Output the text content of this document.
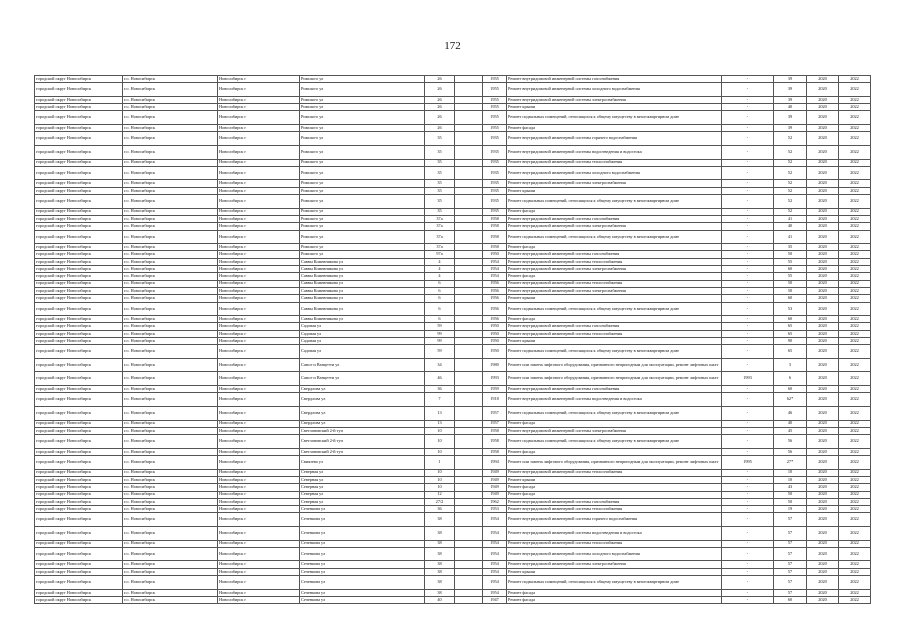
172
городской округ Новосибирск	г.о. Новосибирск	Новосибирск г	Римского ул	26		1955	Ремонт внутридомовой инженерной системы газоснабжения	-	39	2020	2022
городской округ Новосибирск	г.о. Новосибирск	Новосибирск г	Римского ул	26		1955	Ремонт внутридомовой инженерной системы холодного водоснабжения	-	39	2020	2022
городской округ Новосибирск	г.о. Новосибирск	Новосибирск г	Римского ул	26		1955	Ремонт внутридомовой инженерной системы электроснабжения	-	39	2020	2022
городской округ Новосибирск	г.о. Новосибирск	Новосибирск г	Римского ул	26		1955	Ремонт крыши	-	40	2020	2022
городской округ Новосибирск	г.о. Новосибирск	Новосибирск г	Римского ул	26		1955	Ремонт подвальных помещений, относящихся к общему имуществу в многоквартирном доме	-	39	2020	2022
городской округ Новосибирск	г.о. Новосибирск	Новосибирск г	Римского ул	26		1955	Ремонт фасада	-	39	2020	2022
городской округ Новосибирск	г.о. Новосибирск	Новосибирск г	Римского ул	35		1935	Ремонт внутридомовой инженерной системы горячего водоснабжения	-	52	2020	2022
городской округ Новосибирск	г.о. Новосибирск	Новосибирск г	Римского ул	35		1935	Ремонт внутридомовой инженерной системы водоотведения и водостока	-	52	2020	2022
городской округ Новосибирск	г.о. Новосибирск	Новосибирск г	Римского ул	35		1935	Ремонт внутридомовой инженерной системы теплоснабжения	-	52	2020	2022
городской округ Новосибирск	г.о. Новосибирск	Новосибирск г	Римского ул	35		1935	Ремонт внутридомовой инженерной системы холодного водоснабжения	-	52	2020	2022
городской округ Новосибирск	г.о. Новосибирск	Новосибирск г	Римского ул	35		1935	Ремонт внутридомовой инженерной системы электроснабжения	-	52	2020	2022
городской округ Новосибирск	г.о. Новосибирск	Новосибирск г	Римского ул	35		1935	Ремонт крыши	-	52	2020	2022
городской округ Новосибирск	г.о. Новосибирск	Новосибирск г	Римского ул	35		1935	Ремонт подвальных помещений, относящихся к общему имуществу в многоквартирном доме	-	52	2020	2022
городской округ Новосибирск	г.о. Новосибирск	Новосибирск г	Римского ул	35		1935	Ремонт фасада	-	52	2020	2022
городской округ Новосибирск	г.о. Новосибирск	Новосибирск г	Римского ул	37а		1958	Ремонт внутридомовой инженерной системы газоснабжения	-	41	2020	2022
городской округ Новосибирск	г.о. Новосибирск	Новосибирск г	Римского ул	37а		1958	Ремонт внутридомовой инженерной системы электроснабжения	-	40	2020	2022
городской округ Новосибирск	г.о. Новосибирск	Новосибирск г	Римского ул	37а		1958	Ремонт подвальных помещений, относящихся к общему имуществу в многоквартирном доме	-	41	2020	2022
городской округ Новосибирск	г.о. Новосибирск	Новосибирск г	Римского ул	37а		1958	Ремонт фасада	-	35	2020	2022
городской округ Новосибирск	г.о. Новосибирск	Новосибирск г	Римского ул	97а		1950	Ремонт внутридомовой инженерной системы газоснабжения	-	50	2020	2022
городской округ Новосибирск	г.о. Новосибирск	Новосибирск г	Саввы Кожевникова ул	4		1954	Ремонт внутридомовой инженерной системы теплоснабжения	-	55	2020	2022
городской округ Новосибирск	г.о. Новосибирск	Новосибирск г	Саввы Кожевникова ул	4		1954	Ремонт внутридомовой инженерной системы электроснабжения	-	60	2020	2022
городской округ Новосибирск	г.о. Новосибирск	Новосибирск г	Саввы Кожевникова ул	4		1954	Ремонт фасада	-	55	2020	2022
городской округ Новосибирск	г.о. Новосибирск	Новосибирск г	Саввы Кожевникова ул	6		1956	Ремонт внутридомовой инженерной системы теплоснабжения	-	50	2020	2022
городской округ Новосибирск	г.о. Новосибирск	Новосибирск г	Саввы Кожевникова ул	6		1956	Ремонт внутридомовой инженерной системы электроснабжения	-	50	2020	2022
городской округ Новосибирск	г.о. Новосибирск	Новосибирск г	Саввы Кожевникова ул	6		1956	Ремонт крыши	-	60	2020	2022
городской округ Новосибирск	г.о. Новосибирск	Новосибирск г	Саввы Кожевникова ул	6		1956	Ремонт подвальных помещений, относящихся к общему имуществу в многоквартирном доме	-	53	2020	2022
городской округ Новосибирск	г.о. Новосибирск	Новосибирск г	Саввы Кожевникова ул	6		1956	Ремонт фасада	-	60	2020	2022
городской округ Новосибирск	г.о. Новосибирск	Новосибирск г	Садовая ул	59		1950	Ремонт внутридомовой инженерной системы газоснабжения	-	65	2020	2022
городской округ Новосибирск	г.о. Новосибирск	Новосибирск г	Садовая ул	99		1950	Ремонт внутридомовой инженерной системы теплоснабжения	-	65	2020	2022
городской округ Новосибирск	г.о. Новосибирск	Новосибирск г	Садовая ул	99		1950	Ремонт крыши	-	90	2020	2022
городской округ Новосибирск	г.о. Новосибирск	Новосибирск г	Садовая ул	59		1950	Ремонт подвальных помещений, относящихся к общему имуществу в многоквартирном доме	-	65	2020	2022
городской округ Новосибирск	г.о. Новосибирск	Новосибирск г	Самсе и Ванцетти ул	34		1980	Ремонт или замена лифтового оборудования, признанного непригодным для эксплуатации, ремонт лифтовых шахт	-	3	2020	2022
городской округ Новосибирск	г.о. Новосибирск	Новосибирск г	Самсе и Ванцетти ул	46		1993	Ремонт или замена лифтового оборудования, признанного непригодным для эксплуатации, ремонт лифтовых шахт	1993	6	2020	2022
городской округ Новосибирск	г.о. Новосибирск	Новосибирск г	Свердлова ул	36		1959	Ремонт внутридомовой инженерной системы газоснабжения	-	60	2020	2022
городской округ Новосибирск	г.о. Новосибирск	Новосибирск г	Свердлова ул	7		1918	Ремонт внутридомовой инженерной системы водоотведения и водостока	-	62*	2020	2022
городской округ Новосибирск	г.о. Новосибирск	Новосибирск г	Свердлова ул	13		1957	Ремонт подвальных помещений, относящихся к общему имуществу в многоквартирном доме	-	46	2020	2022
городской округ Новосибирск	г.о. Новосибирск	Новосибирск г	Свердлова ул	13		1957	Ремонт фасада	-	40	2020	2022
городской округ Новосибирск	г.о. Новосибирск	Новосибирск г	Светлановский 2-й туп	10		1958	Ремонт внутридомовой инженерной системы электроснабжения	-	45	2020	2022
городской округ Новосибирск	г.о. Новосибирск	Новосибирск г	Светлановский 2-й туп	10		1958	Ремонт подвальных помещений, относящихся к общему имуществу в многоквартирном доме	-	56	2020	2022
городской округ Новосибирск	г.о. Новосибирск	Новосибирск г	Светлановский 2-й туп	10		1958	Ремонт фасада	-	56	2020	2022
городской округ Новосибирск	г.о. Новосибирск	Новосибирск г	Свиязева ул	1		1994	Ремонт или замена лифтового оборудования, признанного непригодным для эксплуатации, ремонт лифтовых шахт	1995	27*	2020	2022
городской округ Новосибирск	г.о. Новосибирск	Новосибирск г	Северная ул	10		1949	Ремонт внутридомовой инженерной системы теплоснабжения	-	10	2020	2022
городской округ Новосибирск	г.о. Новосибирск	Новосибирск г	Северная ул	10		1949	Ремонт крыши	-	10	2020	2022
городской округ Новосибирск	г.о. Новосибирск	Новосибирск г	Северная ул	10		1949	Ремонт фасада	-	43	2020	2022
городской округ Новосибирск	г.о. Новосибирск	Новосибирск г	Северная ул	12		1949	Ремонт фасада	-	50	2020	2022
городской округ Новосибирск	г.о. Новосибирск	Новосибирск г	Северная ул	27/2		1962	Ремонт внутридомовой инженерной системы газоснабжения	-	50	2020	2022
городской округ Новосибирск	г.о. Новосибирск	Новосибирск г	Сеченкова ул	36		1953	Ремонт внутридомовой инженерной системы теплоснабжения	-	19	2020	2022
городской округ Новосибирск	г.о. Новосибирск	Новосибирск г	Сеченкова ул	38		1954	Ремонт внутридомовой инженерной системы горячего водоснабжения	-	57	2020	2022
городской округ Новосибирск	г.о. Новосибирск	Новосибирск г	Сеченкова ул	38		1954	Ремонт внутридомовой инженерной системы водоотведения и водостока	-	57	2020	2022
городской округ Новосибирск	г.о. Новосибирск	Новосибирск г	Сеченкова ул	38		1954	Ремонт внутридомовой инженерной системы теплоснабжения	-	57	2020	2022
городской округ Новосибирск	г.о. Новосибирск	Новосибирск г	Сеченкова ул	38		1954	Ремонт внутридомовой инженерной системы холодного водоснабжения	-	57	2020	2022
городской округ Новосибирск	г.о. Новосибирск	Новосибирск г	Сеченкова ул	38		1954	Ремонт внутридомовой инженерной системы электроснабжения	-	57	2020	2022
городской округ Новосибирск	г.о. Новосибирск	Новосибирск г	Сеченкова ул	38		1954	Ремонт крыши	-	57	2020	2022
городской округ Новосибирск	г.о. Новосибирск	Новосибирск г	Сеченкова ул	38		1954	Ремонт подвальных помещений, относящихся к общему имуществу в многоквартирном доме	-	57	2020	2022
городской округ Новосибирск	г.о. Новосибирск	Новосибирск г	Сеченкова ул	38		1954	Ремонт фасада	-	57	2020	2022
городской округ Новосибирск	г.о. Новосибирск	Новосибирск г	Сеченкова ул	40		1947	Ремонт фасада	-	60	2020	2022
